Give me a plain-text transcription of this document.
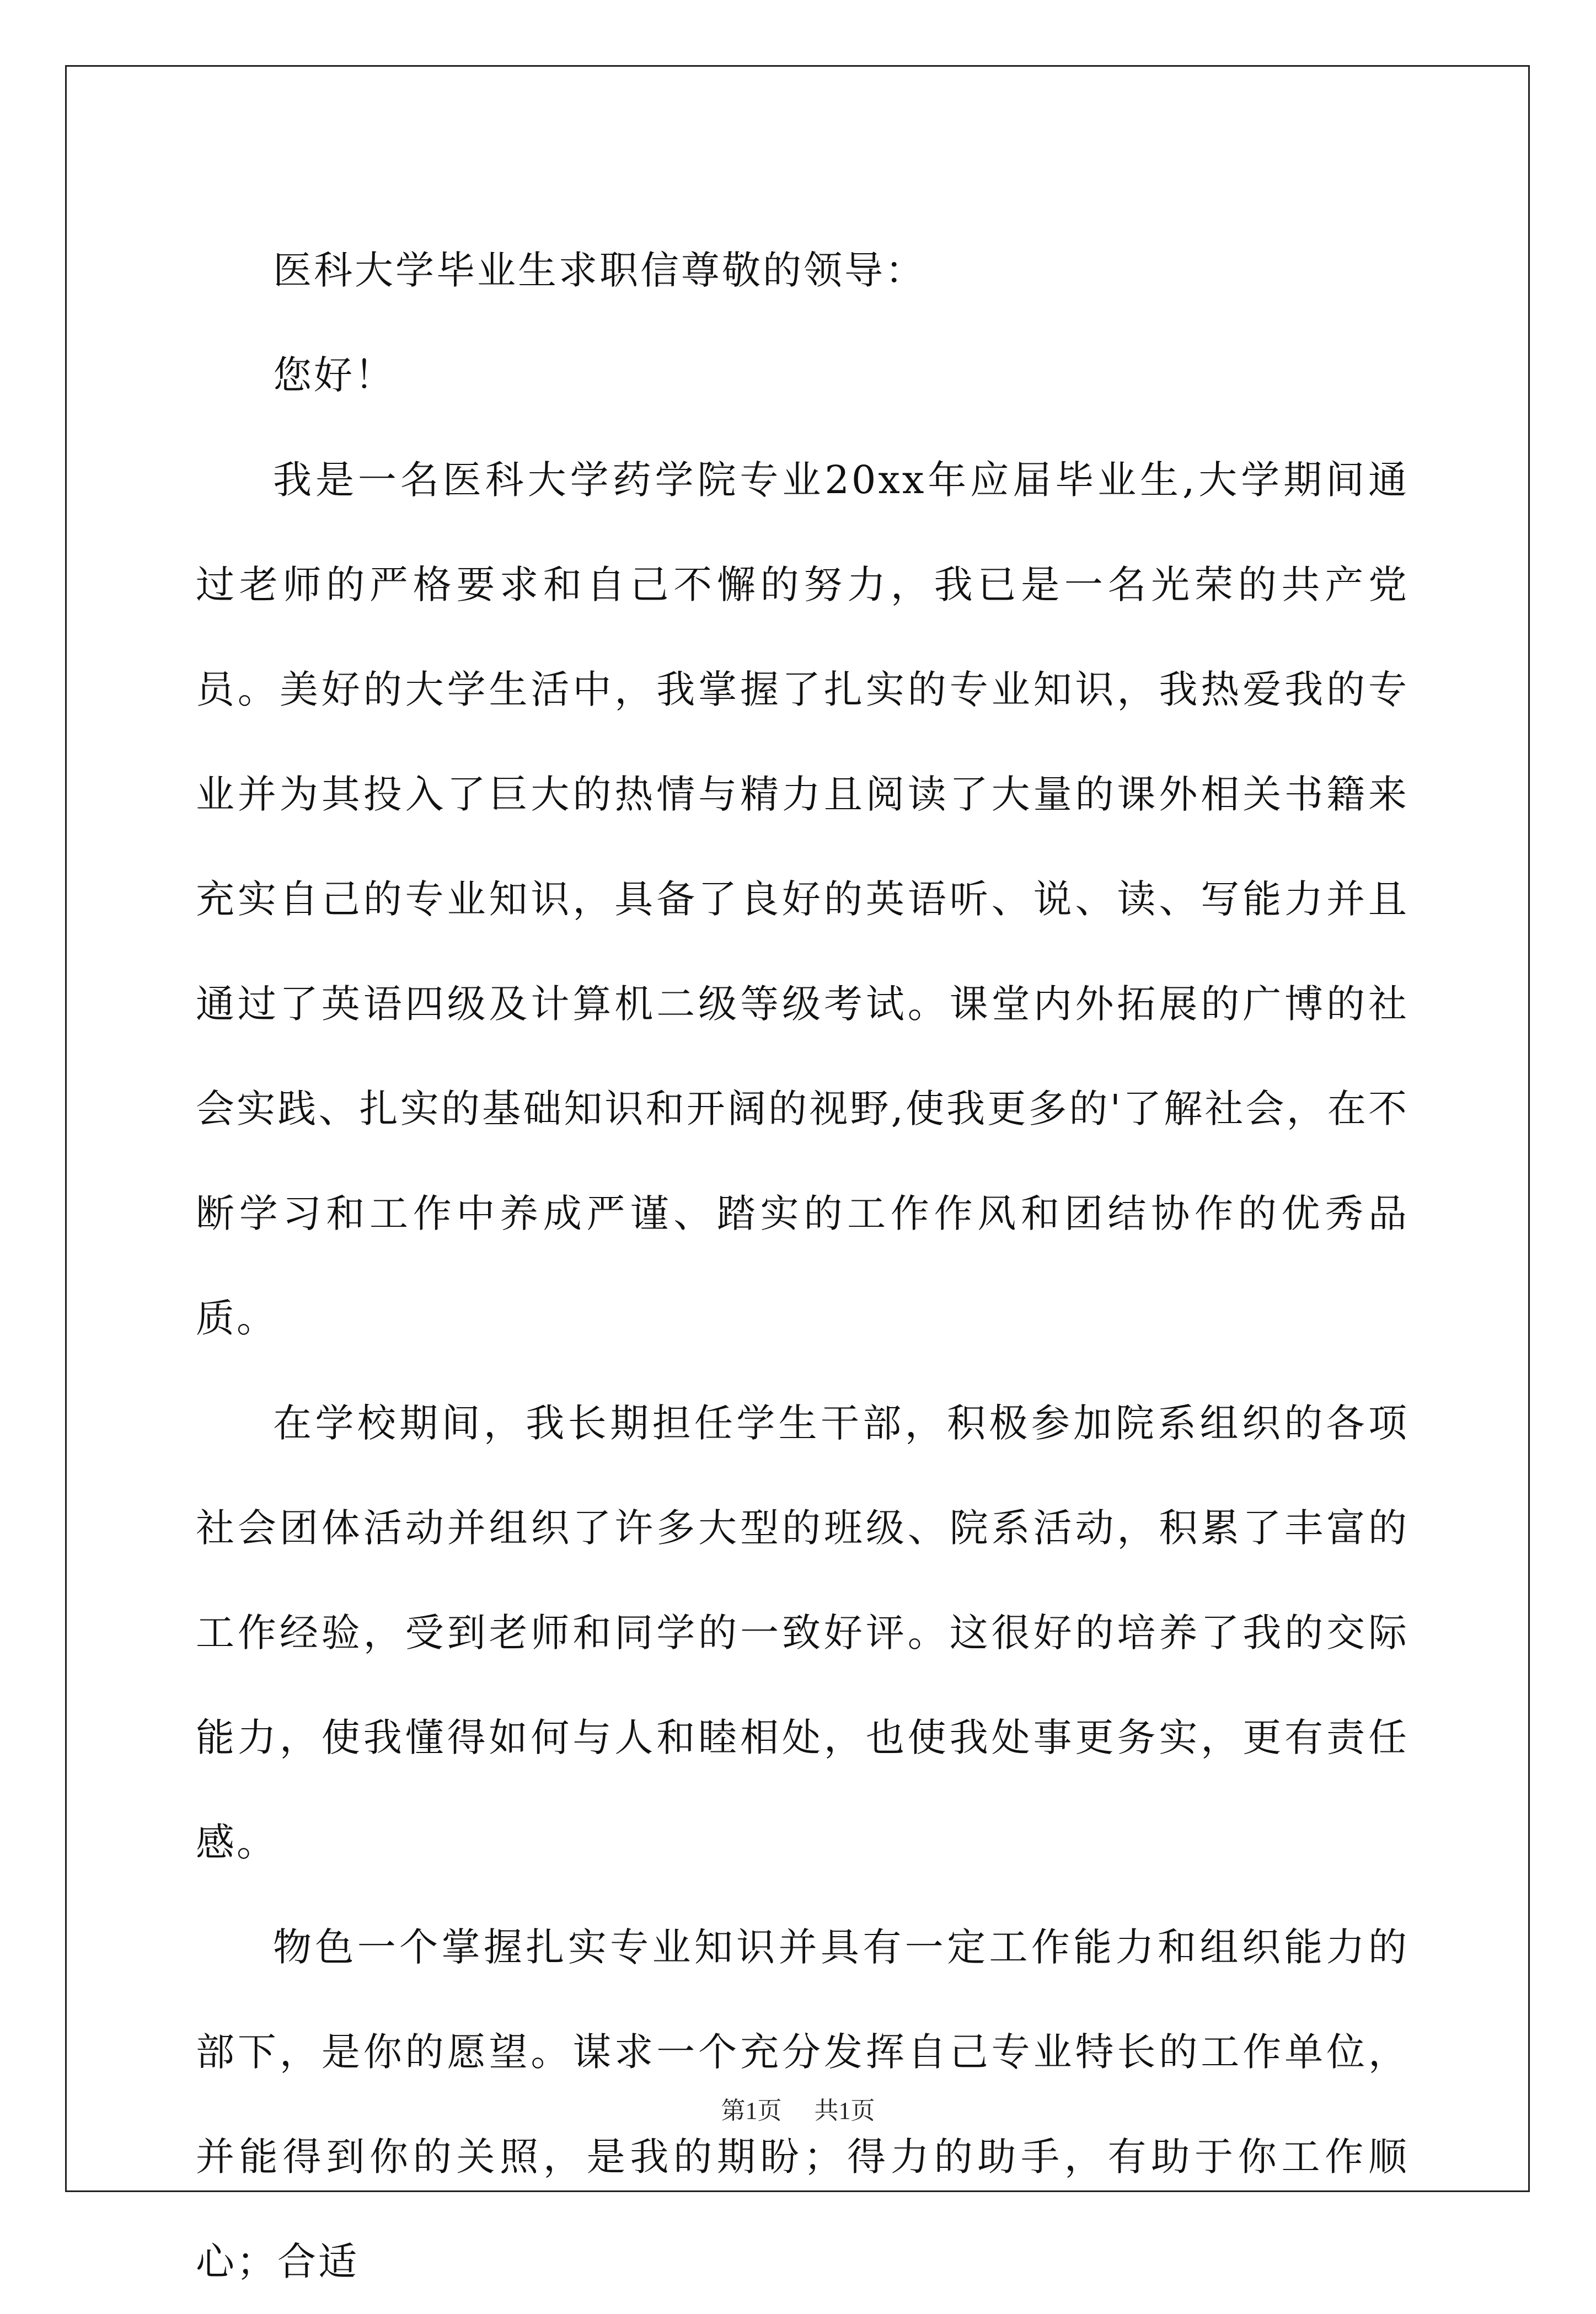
医科大学毕业生求职信尊敬的领导：

您好！

我是一名医科大学药学院专业20xx年应届毕业生,大学期间通过老师的严格要求和自己不懈的努力，我已是一名光荣的共产党员。美好的大学生活中，我掌握了扎实的专业知识，我热爱我的专业并为其投入了巨大的热情与精力且阅读了大量的课外相关书籍来充实自己的专业知识，具备了良好的英语听、说、读、写能力并且通过了英语四级及计算机二级等级考试。课堂内外拓展的广博的社会实践、扎实的基础知识和开阔的视野,使我更多的'了解社会，在不断学习和工作中养成严谨、踏实的工作作风和团结协作的优秀品质。

在学校期间，我长期担任学生干部，积极参加院系组织的各项社会团体活动并组织了许多大型的班级、院系活动，积累了丰富的工作经验，受到老师和同学的一致好评。这很好的培养了我的交际能力，使我懂得如何与人和睦相处，也使我处事更务实，更有责任感。

物色一个掌握扎实专业知识并具有一定工作能力和组织能力的部下，是你的愿望。谋求一个充分发挥自己专业特长的工作单位，并能得到你的关照，是我的期盼；得力的助手，有助于你工作顺心；合适

第1页 共1页
